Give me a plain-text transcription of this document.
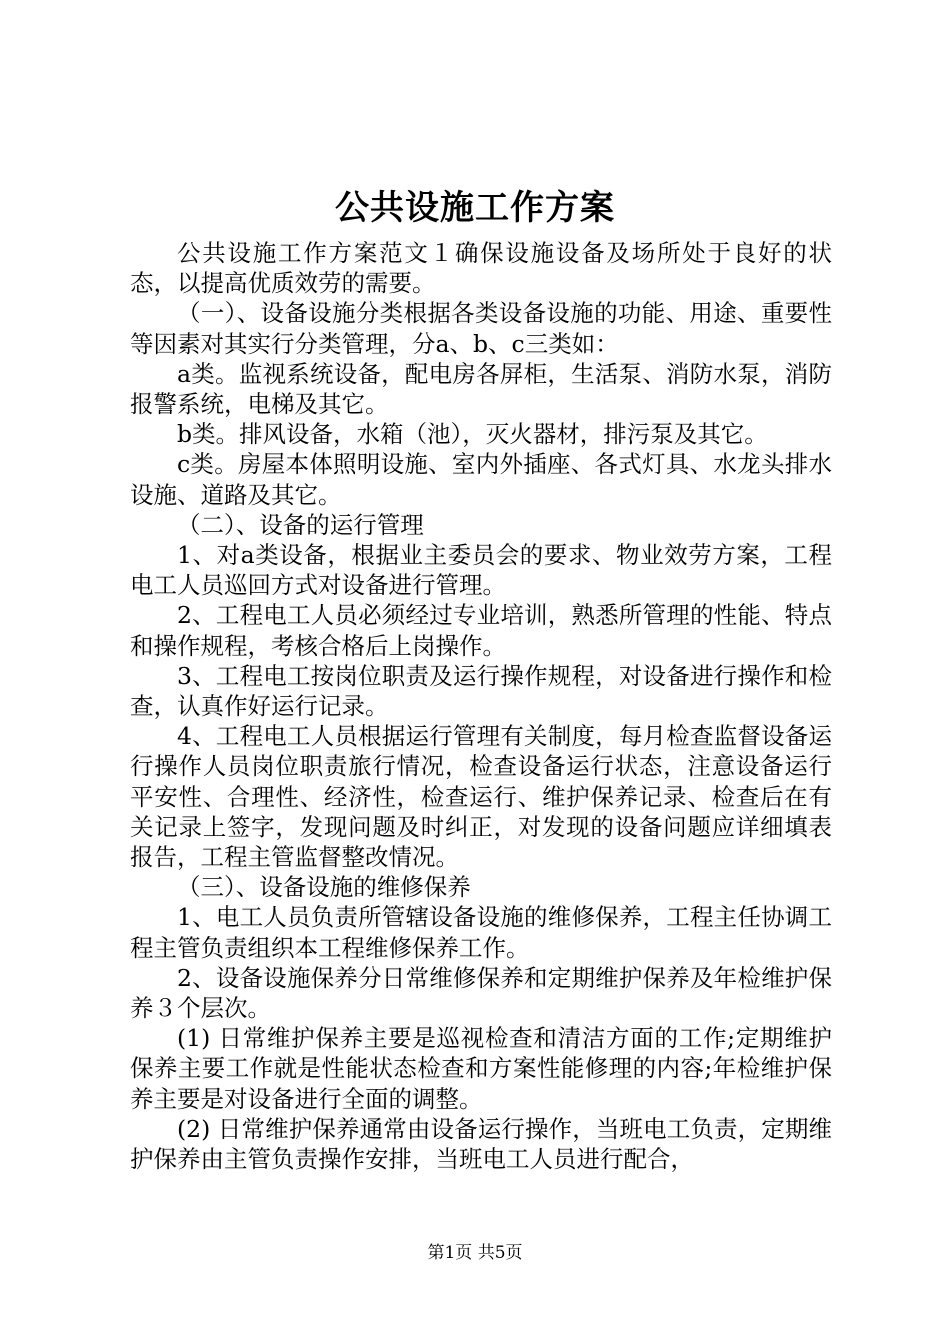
公共设施工作方案

公共设施工作方案范文１确保设施设备及场所处于良好的状态，以提高优质效劳的需要。

（一）、设备设施分类根据各类设备设施的功能、用途、重要性等因素对其实行分类管理，分a、b、c三类如：

a类。监视系统设备，配电房各屏柜，生活泵、消防水泵，消防报警系统，电梯及其它。

b类。排风设备，水箱（池），灭火器材，排污泵及其它。

c类。房屋本体照明设施、室内外插座、各式灯具、水龙头排水设施、道路及其它。

（二）、设备的运行管理

1、对a类设备，根据业主委员会的要求、物业效劳方案，工程电工人员巡回方式对设备进行管理。

2、工程电工人员必须经过专业培训，熟悉所管理的性能、特点和操作规程，考核合格后上岗操作。

3、工程电工按岗位职责及运行操作规程，对设备进行操作和检查，认真作好运行记录。

4、工程电工人员根据运行管理有关制度，每月检查监督设备运行操作人员岗位职责旅行情况，检查设备运行状态，注意设备运行平安性、合理性、经济性，检查运行、维护保养记录、检查后在有关记录上签字，发现问题及时纠正，对发现的设备问题应详细填表报告，工程主管监督整改情况。

（三）、设备设施的维修保养

1、电工人员负责所管辖设备设施的维修保养，工程主任协调工程主管负责组织本工程维修保养工作。

2、设备设施保养分日常维修保养和定期维护保养及年检维护保养３个层次。

(1) 日常维护保养主要是巡视检查和清洁方面的工作;定期维护保养主要工作就是性能状态检查和方案性能修理的内容;年检维护保养主要是对设备进行全面的调整。

(2) 日常维护保养通常由设备运行操作，当班电工负责，定期维护保养由主管负责操作安排，当班电工人员进行配合，

第1页 共5页
